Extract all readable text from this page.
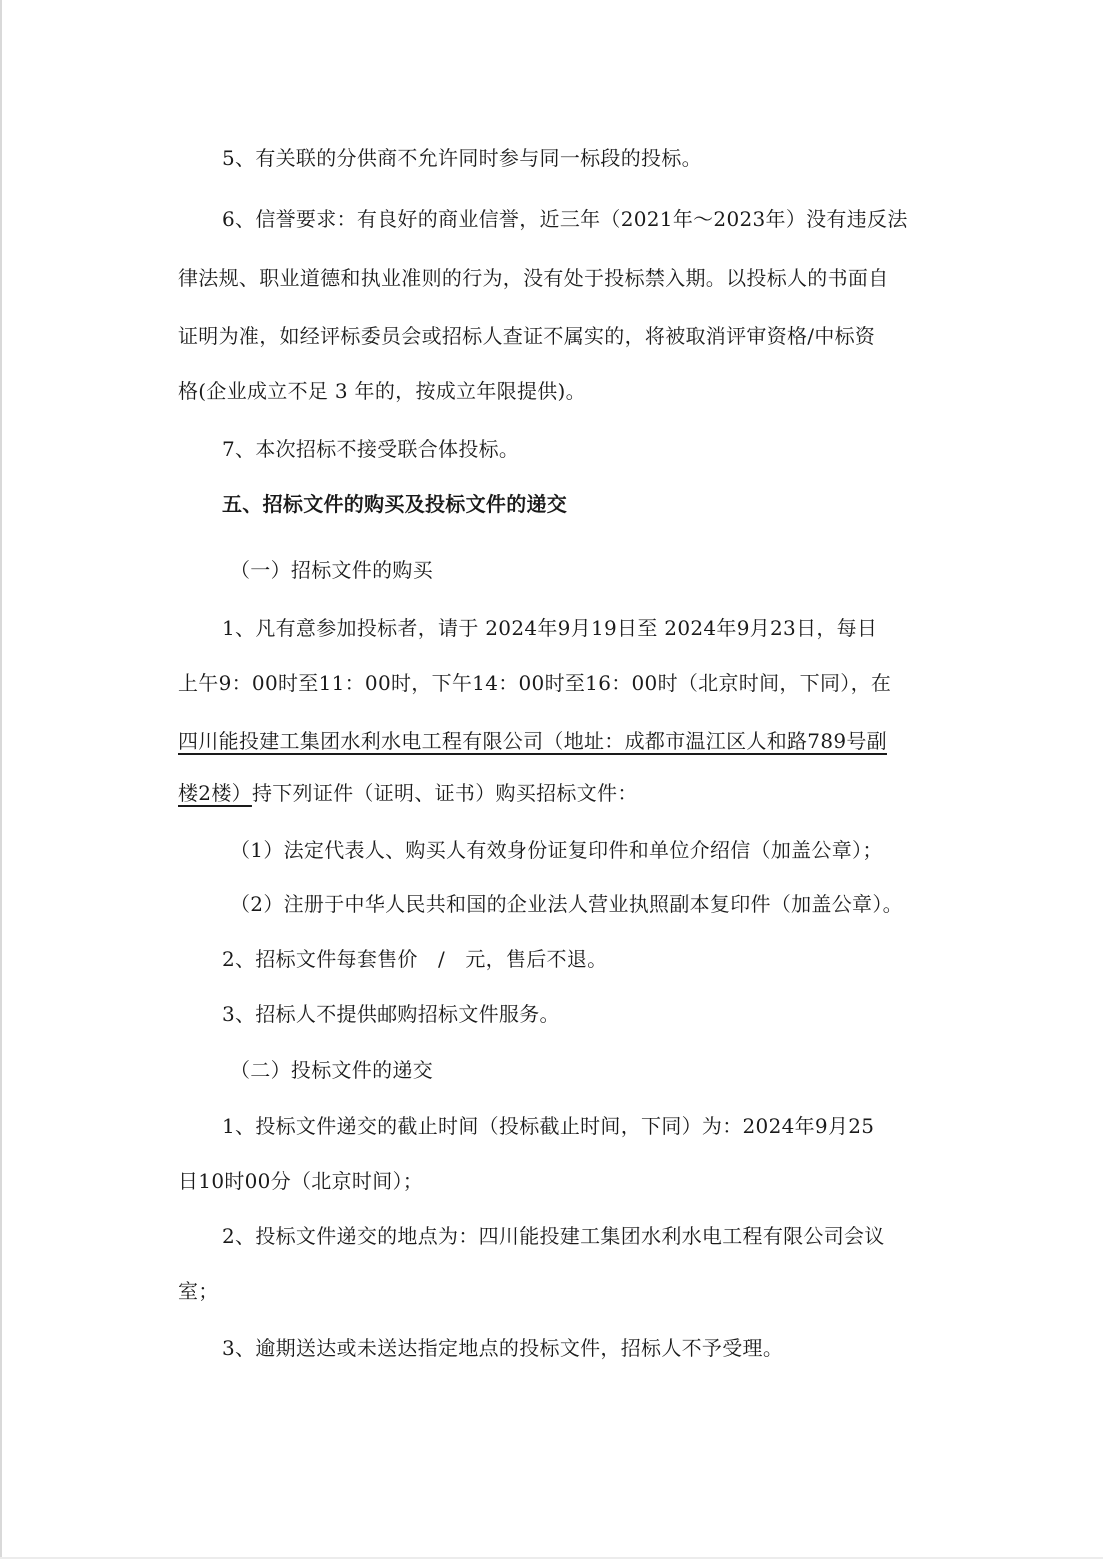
5、有关联的分供商不允许同时参与同一标段的投标。
6、信誉要求：有良好的商业信誉，近三年（2021年～2023年）没有违反法
律法规、职业道德和执业准则的行为，没有处于投标禁入期。以投标人的书面自
证明为准，如经评标委员会或招标人查证不属实的，将被取消评审资格/中标资
格(企业成立不足 3 年的，按成立年限提供)。
7、本次招标不接受联合体投标。
五、招标文件的购买及投标文件的递交
（一）招标文件的购买
1、凡有意参加投标者，请于 2024年9月19日至 2024年9月23日，每日
上午9：00时至11：00时，下午14：00时至16：00时（北京时间，下同），在
四川能投建工集团水利水电工程有限公司（地址：成都市温江区人和路789号副
楼2楼）持下列证件（证明、证书）购买招标文件：
（1）法定代表人、购买人有效身份证复印件和单位介绍信（加盖公章）；
（2）注册于中华人民共和国的企业法人营业执照副本复印件（加盖公章）。
2、招标文件每套售价　/　元，售后不退。
3、招标人不提供邮购招标文件服务。
（二）投标文件的递交
1、投标文件递交的截止时间（投标截止时间，下同）为：2024年9月25
日10时00分（北京时间）；
2、投标文件递交的地点为：四川能投建工集团水利水电工程有限公司会议
室；
3、逾期送达或未送达指定地点的投标文件，招标人不予受理。
